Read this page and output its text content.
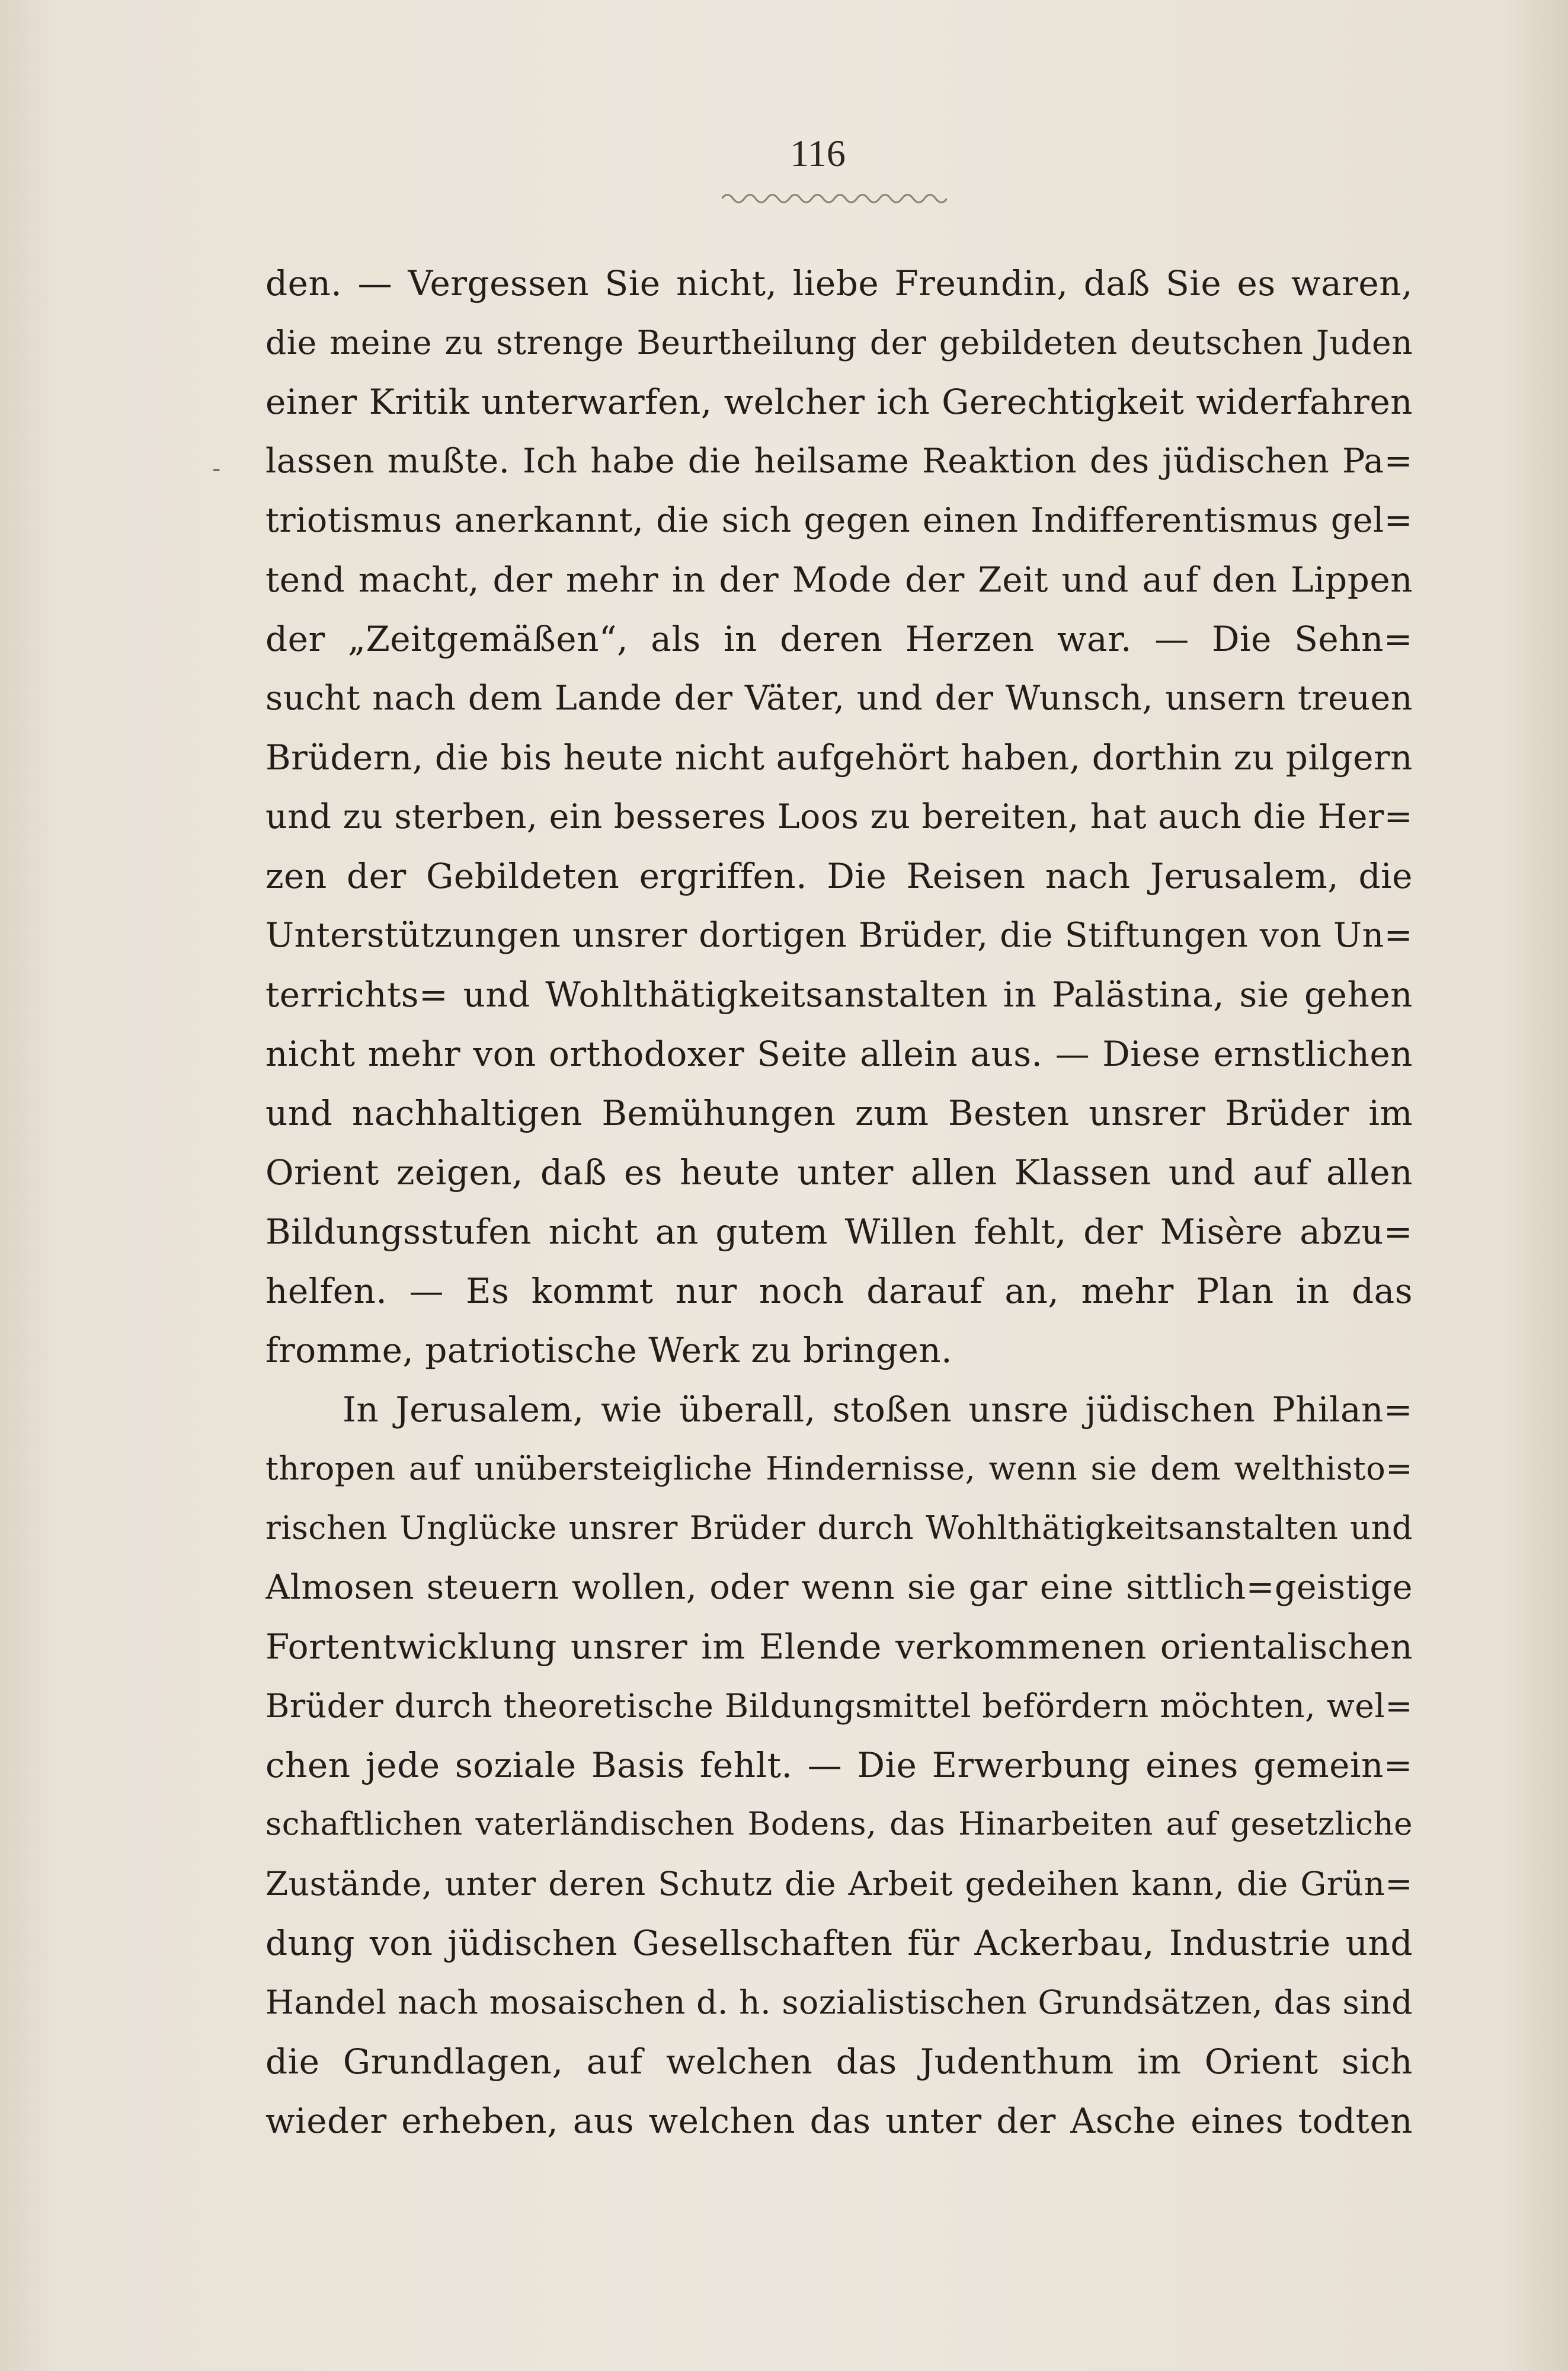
116
-
den. — Vergessen Sie nicht, liebe Freundin, daß Sie es waren,
die meine zu strenge Beurtheilung der gebildeten deutschen Juden
einer Kritik unterwarfen, welcher ich Gerechtigkeit widerfahren
lassen mußte. Ich habe die heilsame Reaktion des jüdischen Pa=
triotismus anerkannt, die sich gegen einen Indifferentismus gel=
tend macht, der mehr in der Mode der Zeit und auf den Lippen
der „Zeitgemäßen“, als in deren Herzen war. — Die Sehn=
sucht nach dem Lande der Väter, und der Wunsch, unsern treuen
Brüdern, die bis heute nicht aufgehört haben, dorthin zu pilgern
und zu sterben, ein besseres Loos zu bereiten, hat auch die Her=
zen der Gebildeten ergriffen. Die Reisen nach Jerusalem, die
Unterstützungen unsrer dortigen Brüder, die Stiftungen von Un=
terrichts= und Wohlthätigkeitsanstalten in Palästina, sie gehen
nicht mehr von orthodoxer Seite allein aus. — Diese ernstlichen
und nachhaltigen Bemühungen zum Besten unsrer Brüder im
Orient zeigen, daß es heute unter allen Klassen und auf allen
Bildungsstufen nicht an gutem Willen fehlt, der Misère abzu=
helfen. — Es kommt nur noch darauf an, mehr Plan in das
fromme, patriotische Werk zu bringen.
In Jerusalem, wie überall, stoßen unsre jüdischen Philan=
thropen auf unübersteigliche Hindernisse, wenn sie dem welthisto=
rischen Unglücke unsrer Brüder durch Wohlthätigkeitsanstalten und
Almosen steuern wollen, oder wenn sie gar eine sittlich=geistige
Fortentwicklung unsrer im Elende verkommenen orientalischen
Brüder durch theoretische Bildungsmittel befördern möchten, wel=
chen jede soziale Basis fehlt. — Die Erwerbung eines gemein=
schaftlichen vaterländischen Bodens, das Hinarbeiten auf gesetzliche
Zustände, unter deren Schutz die Arbeit gedeihen kann, die Grün=
dung von jüdischen Gesellschaften für Ackerbau, Industrie und
Handel nach mosaischen d. h. sozialistischen Grundsätzen, das sind
die Grundlagen, auf welchen das Judenthum im Orient sich
wieder erheben, aus welchen das unter der Asche eines todten
